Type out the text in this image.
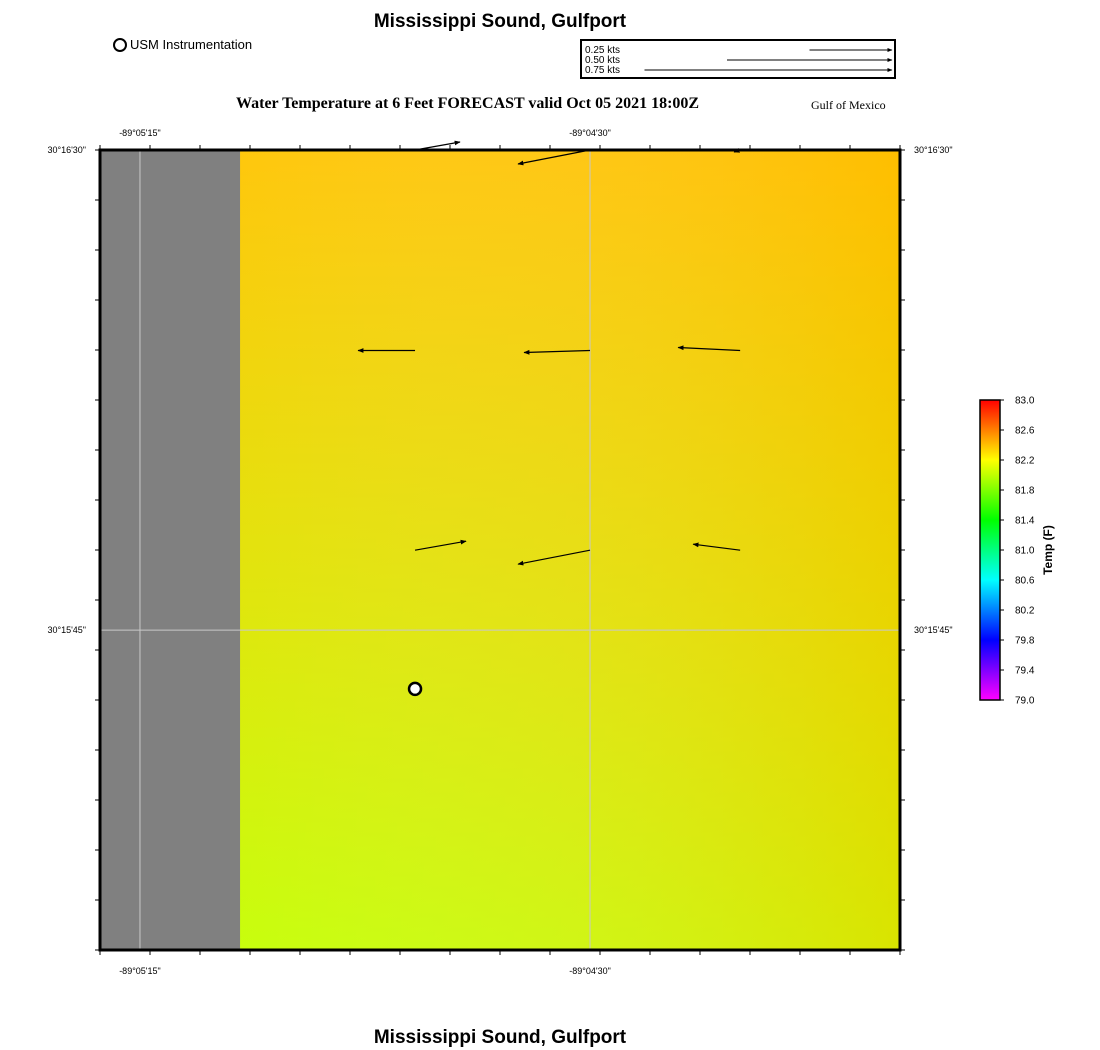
Mississippi Sound, Gulfport
USM Instrumentation	0.25 kts
0.50 kts
0.75 kts
Water Temperature at 6 Feet FORECAST valid Oct 05 2021 18:00Z	Gulf of Mexico
-89°05'15"
-89°05'15"
-89°04'30"
-89°04'30"
30°16'30"	30°16'30"
30°15'45"	30°15'45"
83.0
82.6
82.2
81.8
81.4
81.0
80.6
80.2
79.8
79.4
79.0
Temp (F)
Mississippi Sound, Gulfport
